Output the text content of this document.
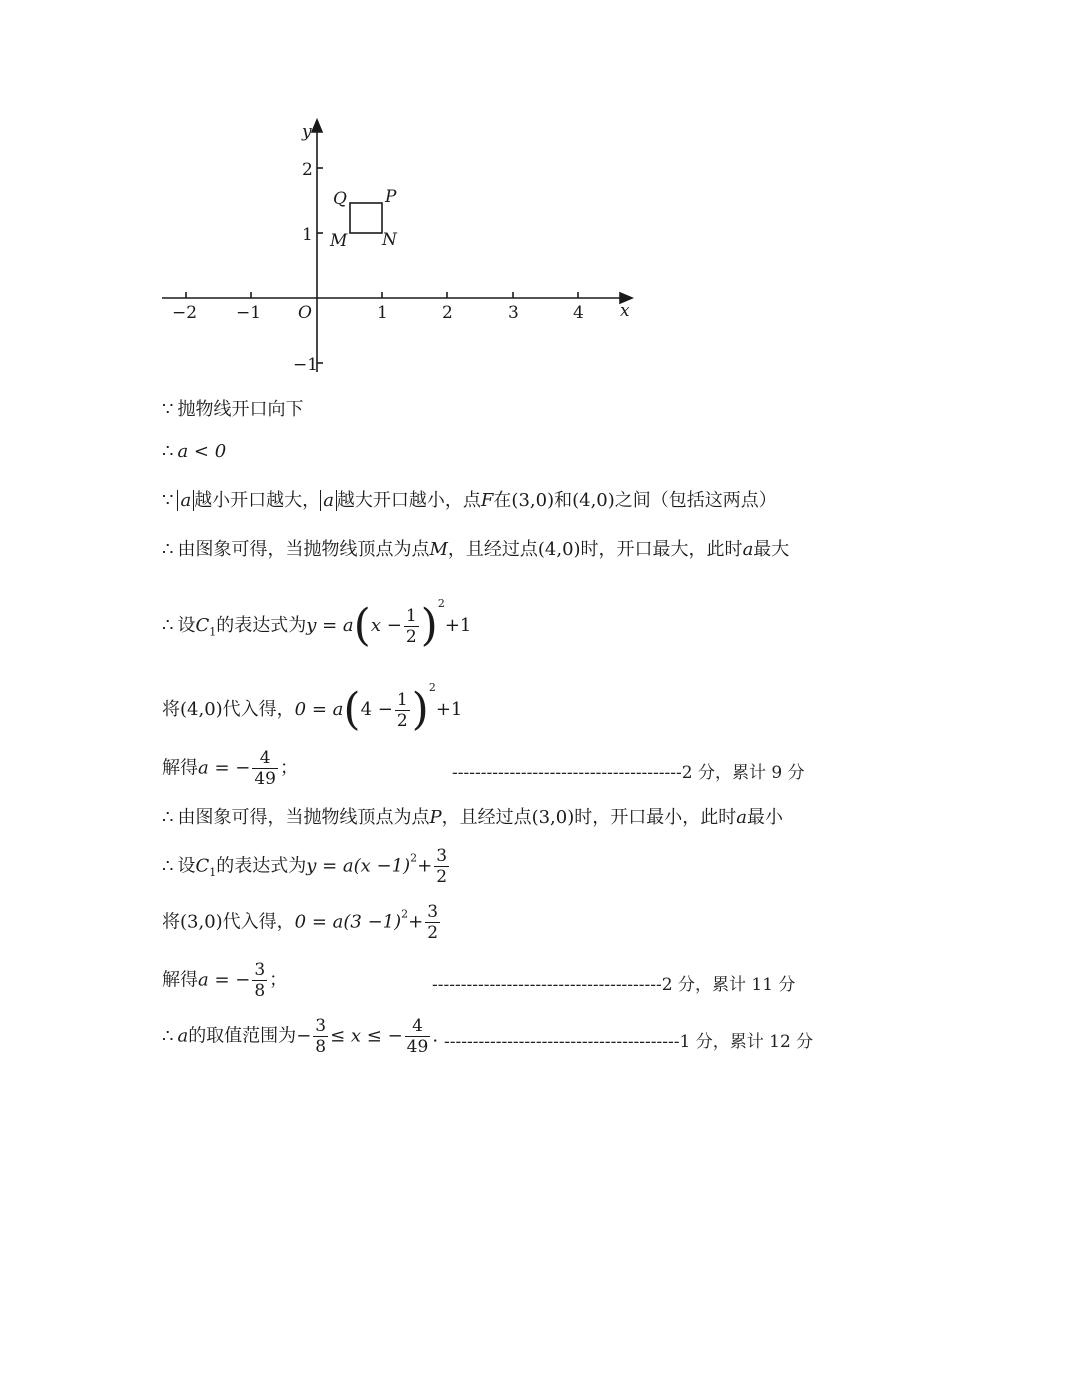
−2 −1	1	2	3	4
O	x
y
2
1
−1
Q P
M N
∵ 抛物线开口向下
∴ a < 0
∵ a 越小开口越大， a 越大开口越小，点F在(3,0)和(4,0)之间（包括这两点）
∴ 由图象可得，当抛物线顶点为点M，且经过点(4,0)时，开口最大，此时a最大
∴ 设$C_1$的表达式为$y = a(x - \frac{1}{2} )^2+1$
将(4,0)代入得，$0 = a(4 - \frac{1}{2} )^2+1$
解得a = − $\frac{4}{49}$ ；	----------------------------------------2 分，累计 9 分
∴ 由图象可得，当抛物线顶点为点P，且经过点(3,0)时，开口最小，此时a最小
∴ 设$C_1$的表达式为$y = a(x -1)^2+ \frac{3}{2}$
将(3,0)代入得，$0 = a(3 -1)^2+ \frac{3}{2}$
解得a = − $\frac{3}{8}$ ；	----------------------------------------2 分，累计 11 分
∴ a的取值范围为− $\frac{3}{8} \le x$ ≤ − $\frac{4}{49}$ . -----------------------------------------1 分，累计 12 分
